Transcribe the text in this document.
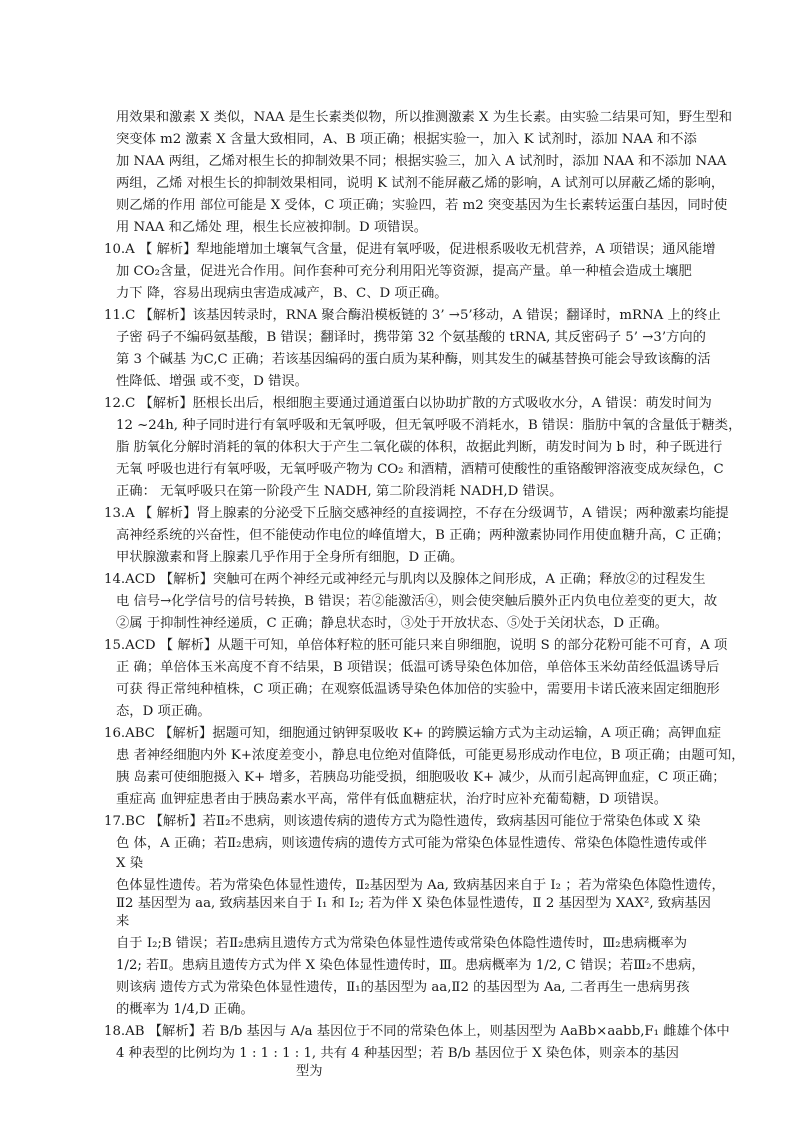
用效果和激素 X 类似，NAA 是生长素类似物，所以推测激素 X 为生长素。由实验二结果可知，野生型和
突变体 m2 激素 X 含量大致相同，A、B 项正确；根据实验一，加入 K 试剂时，添加 NAA 和不添
加 NAA 两组，乙烯对根生长的抑制效果不同；根据实验三，加入 A 试剂时，添加 NAA 和不添加 NAA
两组，乙烯 对根生长的抑制效果相同，说明 K 试剂不能屏蔽乙烯的影响，A 试剂可以屏蔽乙烯的影响，
则乙烯的作用 部位可能是 X 受体，C 项正确；实验四，若 m2 突变基因为生长素转运蛋白基因，同时使
用 NAA 和乙烯处 理，根生长应被抑制。D 项错误。
10.A 【 解析】犁地能增加土壤氧气含量，促进有氧呼吸，促进根系吸收无机营养，A 项错误；通风能增
加 CO₂含量，促进光合作用。间作套种可充分利用阳光等资源，提高产量。单一种植会造成土壤肥
力下 降，容易出现病虫害造成减产，B、C、D 项正确。
11.C 【解析】该基因转录时，RNA 聚合酶沿模板链的 3’ →5’移动，A 错误；翻译时，mRNA 上的终止
子密 码子不编码氨基酸，B 错误；翻译时，携带第 32 个氨基酸的 tRNA, 其反密码子 5’ →3’方向的
第 3 个碱基 为C,C 正确；若该基因编码的蛋白质为某种酶，则其发生的碱基替换可能会导致该酶的活
性降低、增强 或不变，D 错误。
12.C 【解析】胚根长出后，根细胞主要通过通道蛋白以协助扩散的方式吸收水分，A 错误：萌发时间为
12 ~24h, 种子同时进行有氧呼吸和无氧呼吸，但无氧呼吸不消耗水，B 错误：脂肪中氧的含量低于糖类，
脂 肪氧化分解时消耗的氧的体积大于产生二氧化碳的体积，故据此判断，萌发时间为 b 时，种子既进行
无氧 呼吸也进行有氧呼吸，无氧呼吸产物为 CO₂ 和酒精，酒精可使酸性的重铬酸钾溶液变成灰绿色，C
正确： 无氧呼吸只在第一阶段产生 NADH, 第二阶段消耗 NADH,D 错误。
13.A 【 解析】肾上腺素的分泌受下丘脑交感神经的直接调控，不存在分级调节，A 错误；两种激素均能提
高神经系统的兴奋性，但不能使动作电位的峰值增大，B 正确；两种激素协同作用使血糖升高，C 正确；
甲状腺激素和肾上腺素几乎作用于全身所有细胞，D 正确。
14.ACD 【解析】突触可在两个神经元或神经元与肌肉以及腺体之间形成，A 正确；释放②的过程发生
电 信号→化学信号的信号转换，B 错误；若②能激活④，则会使突触后膜外正内负电位差变的更大，故
②属 于抑制性神经递质，C 正确；静息状态时，③处于开放状态、⑤处于关闭状态，D 正确。
15.ACD 【 解析】从题干可知，单倍体籽粒的胚可能只来自卵细胞，说明 S 的部分花粉可能不可育，A 项
正 确；单倍体玉米高度不育不结果，B 项错误；低温可诱导染色体加倍，单倍体玉米幼苗经低温诱导后
可获 得正常纯种植株，C 项正确；在观察低温诱导染色体加倍的实验中，需要用卡诺氏液来固定细胞形
态，D 项正确。
16.ABC 【解析】据题可知，细胞通过钠钾泵吸收 K+ 的跨膜运输方式为主动运输，A 项正确；高钾血症
患 者神经细胞内外 K+浓度差变小，静息电位绝对值降低，可能更易形成动作电位，B 项正确；由题可知，
胰 岛素可使细胞摄入 K+ 增多，若胰岛功能受损，细胞吸收 K+ 减少，从而引起高钾血症，C 项正确；
重症高 血钾症患者由于胰岛素水平高，常伴有低血糖症状，治疗时应补充葡萄糖，D 项错误。
17.BC 【解析】若Ⅱ₂不患病，则该遗传病的遗传方式为隐性遗传，致病基因可能位于常染色体或 X 染
色 体，A 正确；若Ⅱ₂患病，则该遗传病的遗传方式可能为常染色体显性遗传、常染色体隐性遗传或伴
X 染
色体显性遗传。若为常染色体显性遗传，Ⅱ₂基因型为 Aa, 致病基因来自于 I₂ ；若为常染色体隐性遗传，
Ⅱ2 基因型为 aa, 致病基因来自于 I₁ 和 I₂; 若为伴 X 染色体显性遗传，Ⅱ 2 基因型为 XAX², 致病基因
来
自于 I₂;B 错误；若Ⅱ₂患病且遗传方式为常染色体显性遗传或常染色体隐性遗传时，Ⅲ₂患病概率为
1/2; 若Ⅱ。患病且遗传方式为伴 X 染色体显性遗传时，Ⅲ。患病概率为 1/2, C 错误；若Ⅲ₂不患病，
则该病 遗传方式为常染色体显性遗传，Ⅱ₁的基因型为 aa,Ⅱ2 的基因型为 Aa, 二者再生一患病男孩
的概率为 1/4,D 正确。
18.AB 【解析】若 B/b 基因与 A/a 基因位于不同的常染色体上，则基因型为 AaBb×aabb,F₁ 雌雄个体中
4 种表型的比例均为 1 : 1 : 1 : 1, 共有 4 种基因型；若 B/b 基因位于 X 染色体，则亲本的基因
型为
